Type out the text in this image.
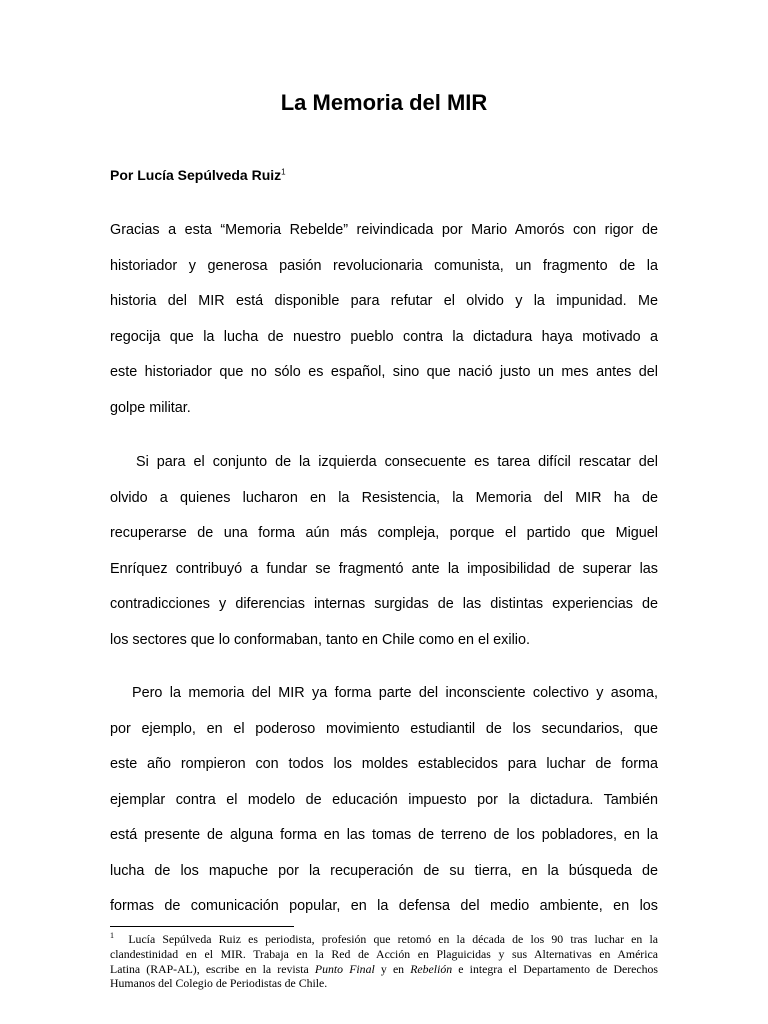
La Memoria del MIR

Por Lucía Sepúlveda Ruiz$^1$

Gracias a esta “Memoria Rebelde” reivindicada por Mario Amorós con rigor de
historiador y generosa pasión revolucionaria comunista, un fragmento de la
historia del MIR está disponible para refutar el olvido y la impunidad. Me
regocija que la lucha de nuestro pueblo contra la dictadura haya motivado a
este historiador que no sólo es español, sino que nació justo un mes antes del
golpe militar.

Si para el conjunto de la izquierda consecuente es tarea difícil rescatar del
olvido a quienes lucharon en la Resistencia, la Memoria del MIR ha de
recuperarse de una forma aún más compleja, porque el partido que Miguel
Enríquez contribuyó a fundar se fragmentó ante la imposibilidad de superar las
contradicciones y diferencias internas surgidas de las distintas experiencias de
los sectores que lo conformaban, tanto en Chile como en el exilio.

Pero la memoria del MIR ya forma parte del inconsciente colectivo y asoma,
por ejemplo, en el poderoso movimiento estudiantil de los secundarios, que
este año rompieron con todos los moldes establecidos para luchar de forma
ejemplar contra el modelo de educación impuesto por la dictadura. También
está presente de alguna forma en las tomas de terreno de los pobladores, en la
lucha de los mapuche por la recuperación de su tierra, en la búsqueda de
formas de comunicación popular, en la defensa del medio ambiente, en los

$^1$ Lucía Sepúlveda Ruiz es periodista, profesión que retomó en la década de los 90 tras luchar en la
clandestinidad en el MIR. Trabaja en la Red de Acción en Plaguicidas y sus Alternativas en América
Latina (RAP-AL), escribe en la revista Punto Final y en Rebelión e integra el Departamento de Derechos
Humanos del Colegio de Periodistas de Chile.
